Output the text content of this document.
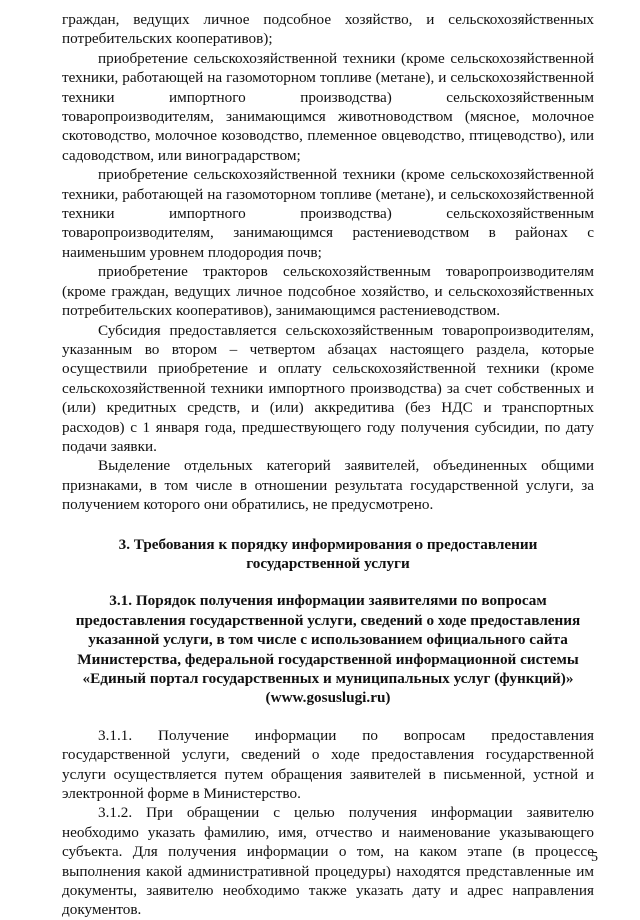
граждан, ведущих личное подсобное хозяйство, и сельскохозяйственных потребительских кооперативов);

приобретение сельскохозяйственной техники (кроме сельскохозяйственной техники, работающей на газомоторном топливе (метане), и сельскохозяйственной техники импортного производства) сельскохозяйственным товаропроизводителям, занимающимся животноводством (мясное, молочное скотоводство, молочное козоводство, племенное овцеводство, птицеводство), или садоводством, или виноградарством;

приобретение сельскохозяйственной техники (кроме сельскохозяйственной техники, работающей на газомоторном топливе (метане), и сельскохозяйственной техники импортного производства) сельскохозяйственным товаропроизводителям, занимающимся растениеводством в районах с наименьшим уровнем плодородия почв;

приобретение тракторов сельскохозяйственным товаропроизводителям (кроме граждан, ведущих личное подсобное хозяйство, и сельскохозяйственных потребительских кооперативов), занимающимся растениеводством.

Субсидия предоставляется сельскохозяйственным товаропроизводителям, указанным во втором – четвертом абзацах настоящего раздела, которые осуществили приобретение и оплату сельскохозяйственной техники (кроме сельскохозяйственной техники импортного производства) за счет собственных и (или) кредитных средств, и (или) аккредитива (без НДС и транспортных расходов) с 1 января года, предшествующего году получения субсидии, по дату подачи заявки.

Выделение отдельных категорий заявителей, объединенных общими признаками, в том числе в отношении результата государственной услуги, за получением которого они обратились, не предусмотрено.

3. Требования к порядку информирования о предоставлении государственной услуги
3.1. Порядок получения информации заявителями по вопросам предоставления государственной услуги, сведений о ходе предоставления указанной услуги, в том числе с использованием официального сайта Министерства, федеральной государственной информационной системы «Единый портал государственных и муниципальных услуг (функций)» (www.gosuslugi.ru)

3.1.1. Получение информации по вопросам предоставления государственной услуги, сведений о ходе предоставления государственной услуги осуществляется путем обращения заявителей в письменной, устной и электронной форме в Министерство.

3.1.2. При обращении с целью получения информации заявителю необходимо указать фамилию, имя, отчество и наименование указывающего субъекта. Для получения информации о том, на каком этапе (в процессе выполнения какой административной процедуры) находятся представленные им документы, заявителю необходимо также указать дату и адрес направления документов.

5
